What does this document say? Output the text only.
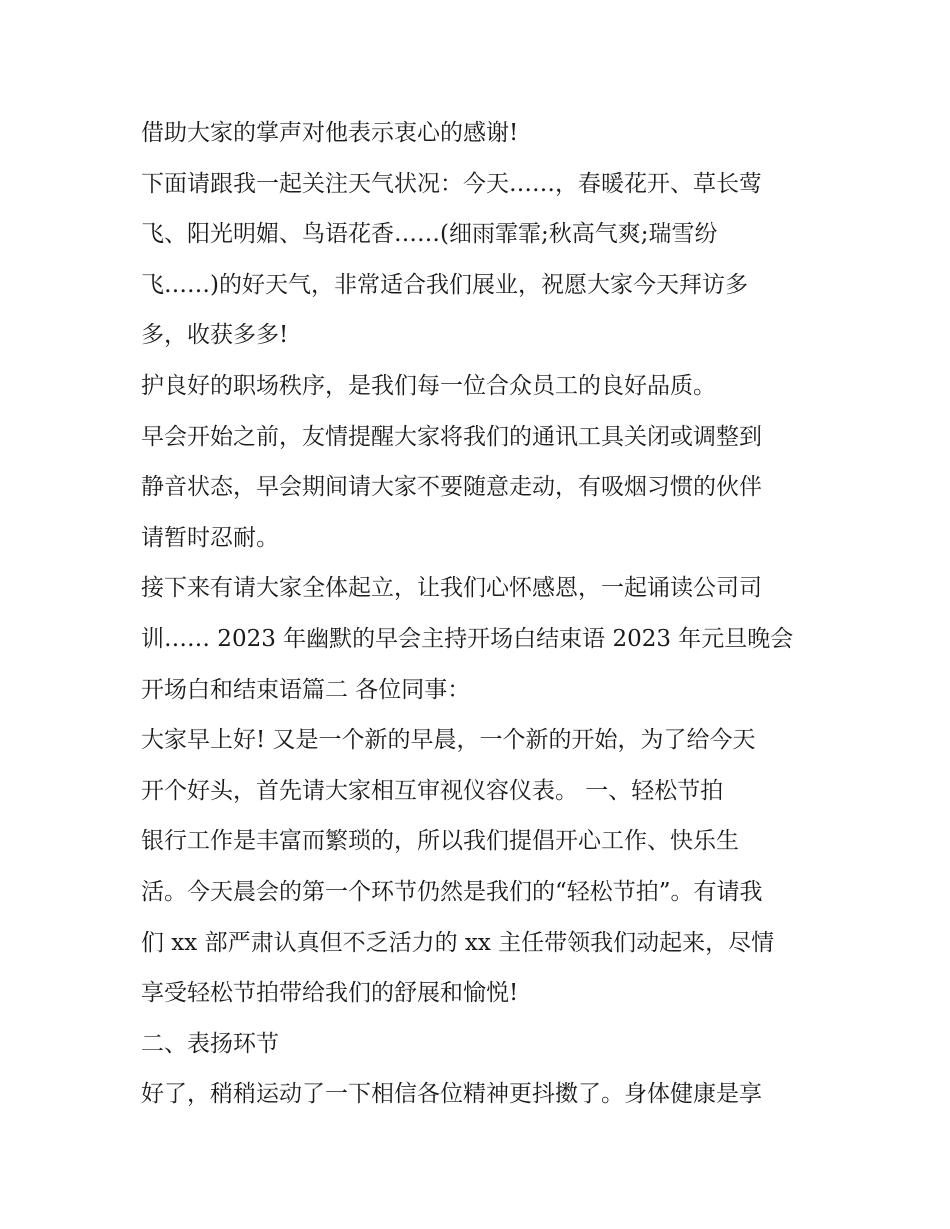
借助大家的掌声对他表示衷心的感谢!
下面请跟我一起关注天气状况：今天……，春暖花开、草长莺
飞、阳光明媚、鸟语花香……(细雨霏霏;秋高气爽;瑞雪纷
飞……)的好天气，非常适合我们展业，祝愿大家今天拜访多
多，收获多多!
护良好的职场秩序，是我们每一位合众员工的良好品质。
早会开始之前，友情提醒大家将我们的通讯工具关闭或调整到
静音状态，早会期间请大家不要随意走动，有吸烟习惯的伙伴
请暂时忍耐。
接下来有请大家全体起立，让我们心怀感恩，一起诵读公司司
训…… 2023 年幽默的早会主持开场白结束语 2023 年元旦晚会
开场白和结束语篇二 各位同事：
大家早上好! 又是一个新的早晨，一个新的开始，为了给今天
开个好头，首先请大家相互审视仪容仪表。 一、轻松节拍
银行工作是丰富而繁琐的，所以我们提倡开心工作、快乐生
活。今天晨会的第一个环节仍然是我们的“轻松节拍”。有请我
们 xx 部严肃认真但不乏活力的 xx 主任带领我们动起来，尽情
享受轻松节拍带给我们的舒展和愉悦!
二、表扬环节
好了，稍稍运动了一下相信各位精神更抖擞了。身体健康是享
